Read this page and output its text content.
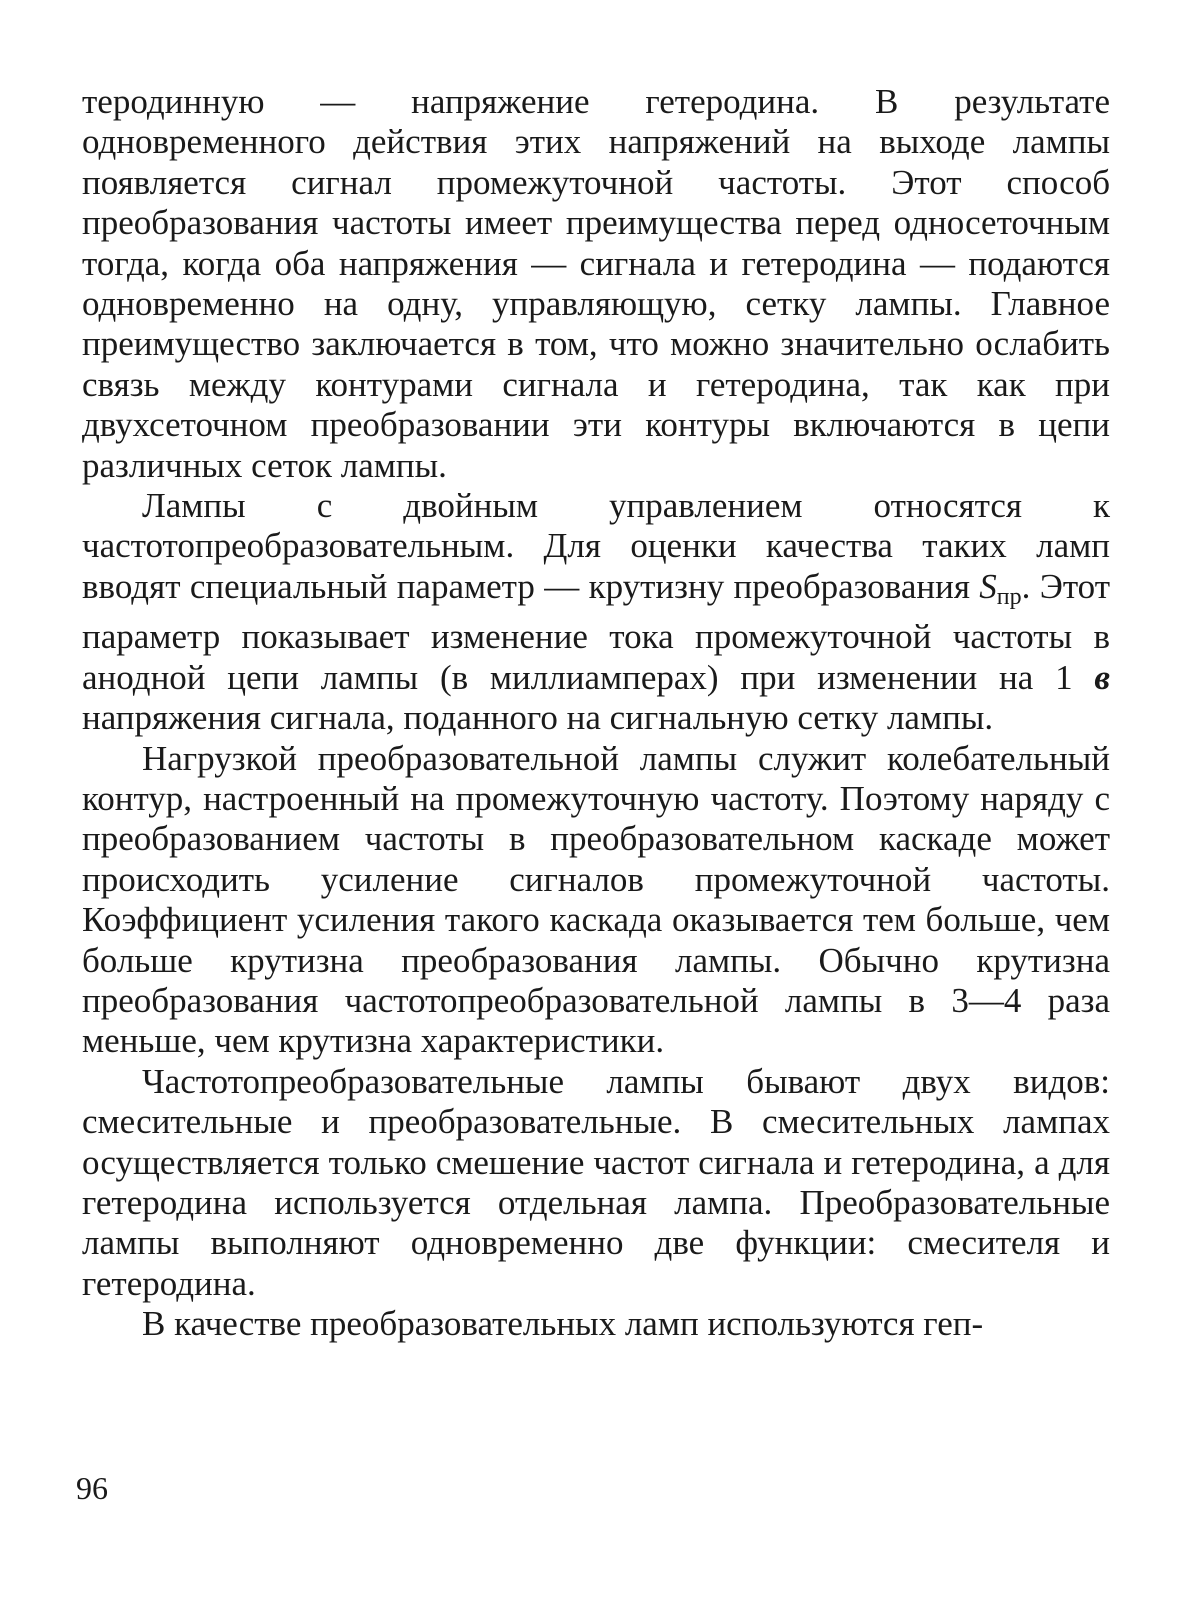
теродинную — напряжение гетеродина. В результате одновременного действия этих напряжений на выходе лампы появляется сигнал промежуточной частоты. Этот способ преобразования частоты имеет преимущества перед односеточным тогда, когда оба напряжения — сигнала и гетеродина — подаются одновременно на одну, управляющую, сетку лампы. Главное преимущество заключается в том, что можно значительно ослабить связь между контурами сигнала и гетеродина, так как при двухсеточном преобразовании эти контуры включаются в цепи различных сеток лампы.

Лампы с двойным управлением относятся к частотопреобразовательным. Для оценки качества таких ламп вводят специальный параметр — крутизну преобразования $S_{пр}$. Этот параметр показывает изменение тока промежуточной частоты в анодной цепи лампы (в миллиамперах) при изменении на 1 в напряжения сигнала, поданного на сигнальную сетку лампы.

Нагрузкой преобразовательной лампы служит колебательный контур, настроенный на промежуточную частоту. Поэтому наряду с преобразованием частоты в преобразовательном каскаде может происходить усиление сигналов промежуточной частоты. Коэффициент усиления такого каскада оказывается тем больше, чем больше крутизна преобразования лампы. Обычно крутизна преобразования частотопреобразовательной лампы в 3—4 раза меньше, чем крутизна характеристики.

Частотопреобразовательные лампы бывают двух видов: смесительные и преобразовательные. В смесительных лампах осуществляется только смешение частот сигнала и гетеродина, а для гетеродина используется отдельная лампа. Преобразовательные лампы выполняют одновременно две функции: смесителя и гетеродина.

В качестве преобразовательных ламп используются геп-

96
